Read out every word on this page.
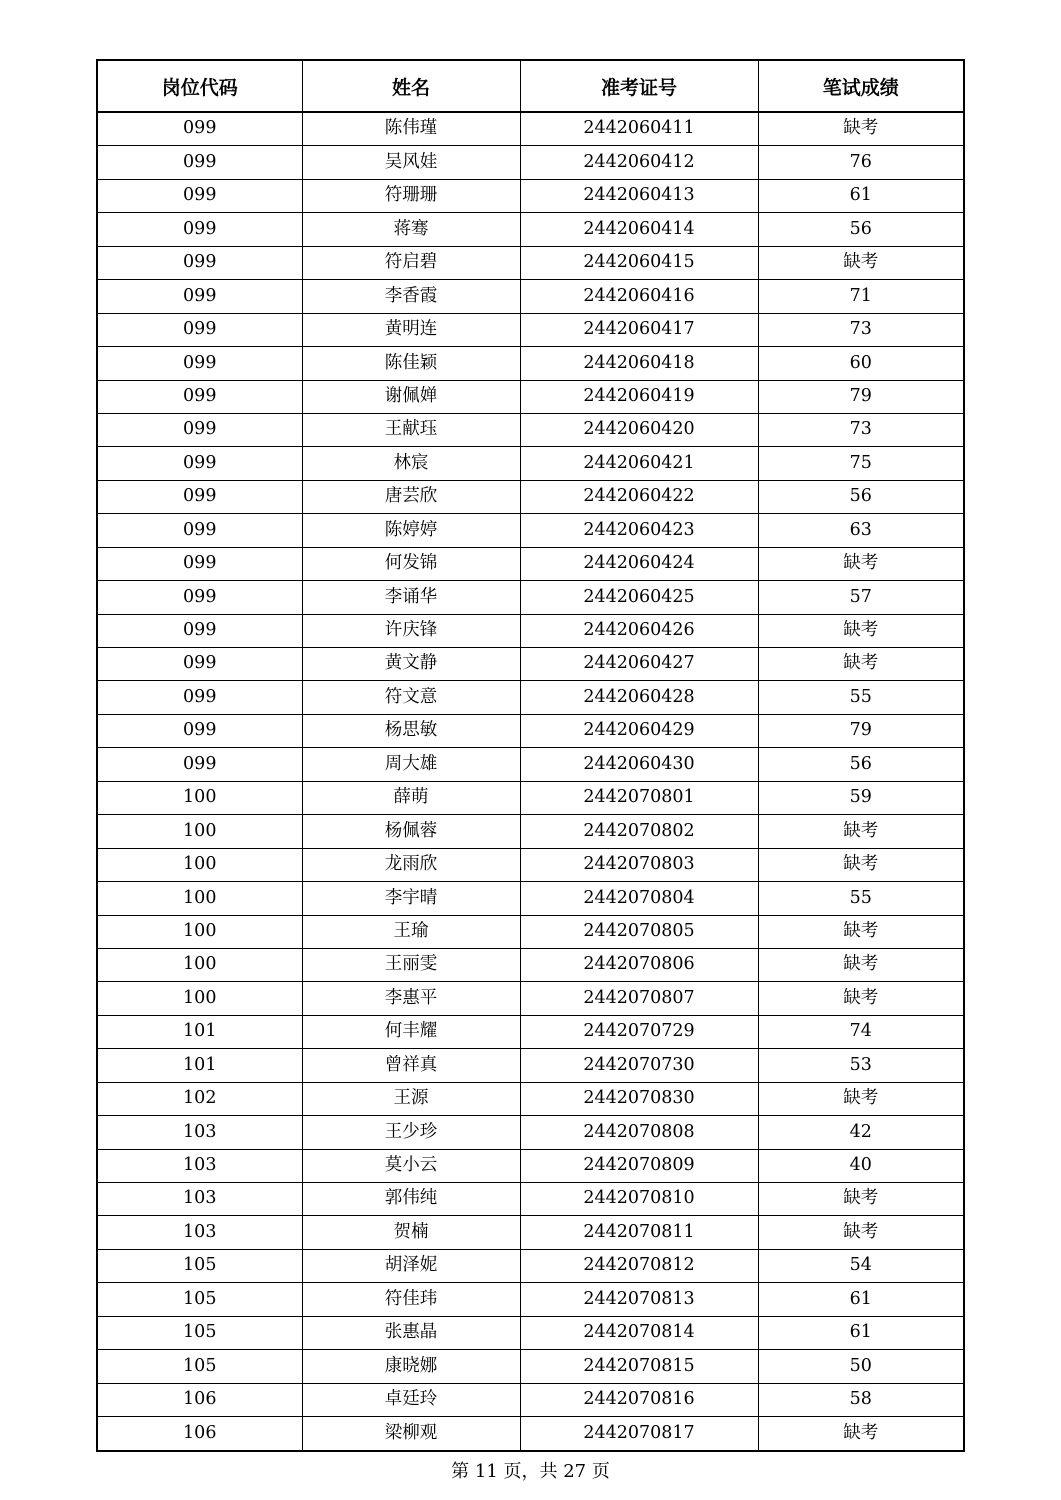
岗位代码	姓名	准考证号	笔试成绩
099	陈伟瑾	2442060411	缺考
099	吴风娃	2442060412	76
099	符珊珊	2442060413	61
099	蒋骞	2442060414	56
099	符启碧	2442060415	缺考
099	李香霞	2442060416	71
099	黄明连	2442060417	73
099	陈佳颖	2442060418	60
099	谢佩婵	2442060419	79
099	王献珏	2442060420	73
099	林宸	2442060421	75
099	唐芸欣	2442060422	56
099	陈婷婷	2442060423	63
099	何发锦	2442060424	缺考
099	李诵华	2442060425	57
099	许庆锋	2442060426	缺考
099	黄文静	2442060427	缺考
099	符文意	2442060428	55
099	杨思敏	2442060429	79
099	周大雄	2442060430	56
100	薛萌	2442070801	59
100	杨佩蓉	2442070802	缺考
100	龙雨欣	2442070803	缺考
100	李宇晴	2442070804	55
100	王瑜	2442070805	缺考
100	王丽雯	2442070806	缺考
100	李惠平	2442070807	缺考
101	何丰耀	2442070729	74
101	曾祥真	2442070730	53
102	王源	2442070830	缺考
103	王少珍	2442070808	42
103	莫小云	2442070809	40
103	郭伟纯	2442070810	缺考
103	贺楠	2442070811	缺考
105	胡泽妮	2442070812	54
105	符佳玮	2442070813	61
105	张惠晶	2442070814	61
105	康晓娜	2442070815	50
106	卓廷玲	2442070816	58
106	梁柳观	2442070817	缺考
第 11 页，共 27 页
